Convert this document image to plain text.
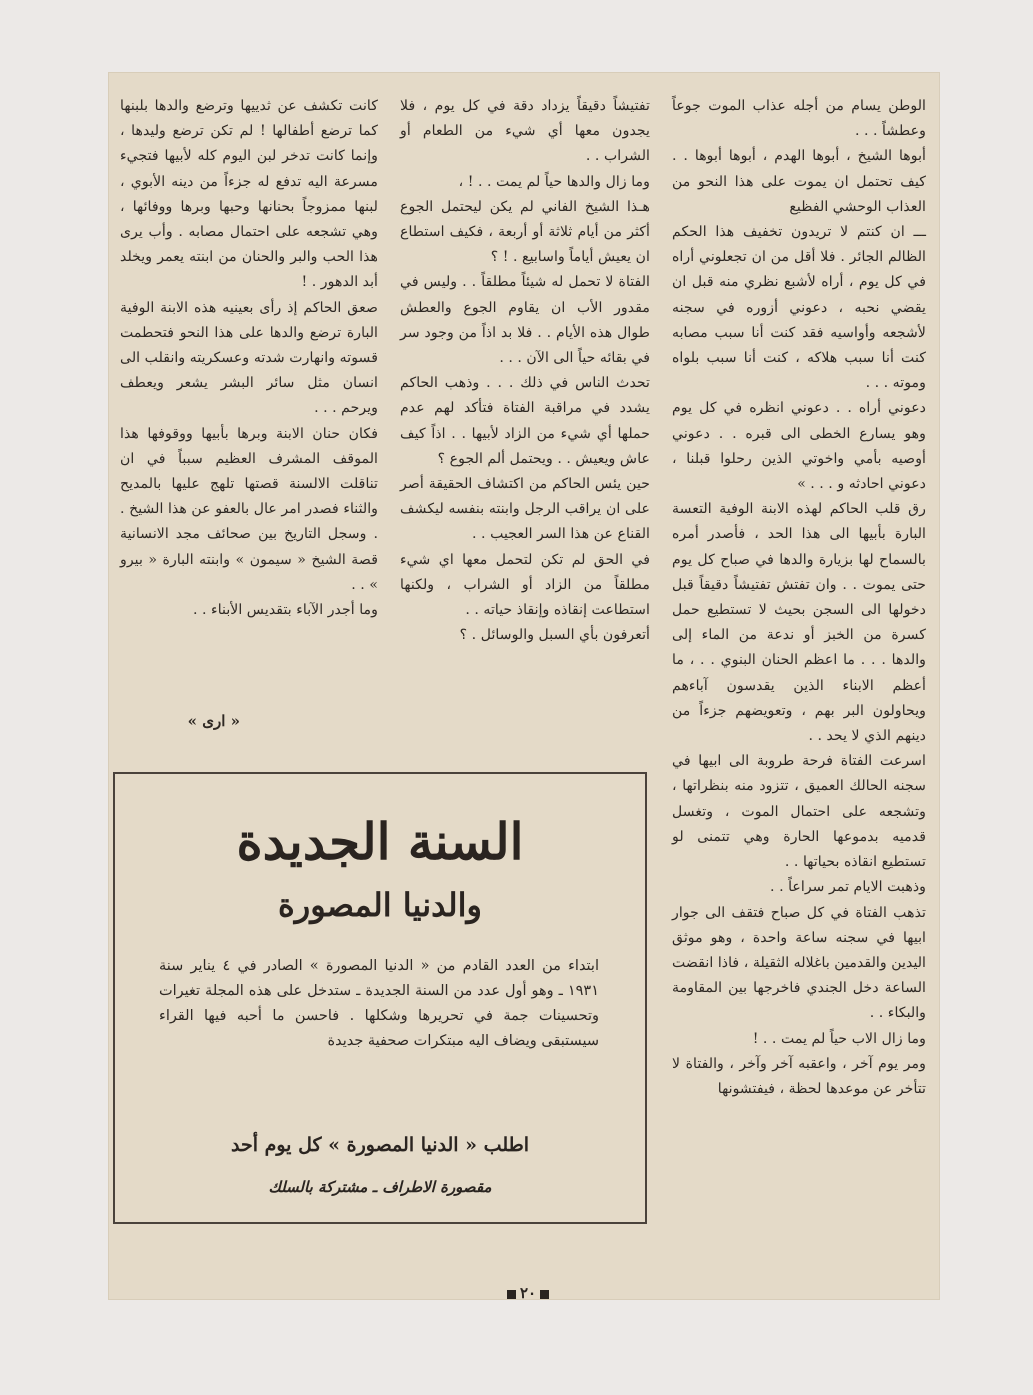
الوطن يسام من أجله عذاب الموت جوعاً وعطشاً . . .

أبوها الشيخ ، أبوها الهدم ، أبوها أبوها . . كيف تحتمل ان يموت على هذا النحو من العذاب الوحشي الفظيع

ـــ ان كنتم لا تريدون تخفيف هذا الحكم الظالم الجائر . فلا أقل من ان تجعلوني أراه في كل يوم ، أراه لأشبع نظري منه قبل ان يقضي نحبه ، دعوني أزوره في سجنه لأشجعه وأواسيه فقد كنت أنا سبب مصابه كنت أنا سبب هلاكه ، كنت أنا سبب بلواه وموته . . .

دعوني أراه . . دعوني انظره في كل يوم وهو يسارع الخطى الى قبره . . دعوني أوصيه بأمي واخوتي الذين رحلوا قبلنا ، دعوني احادثه و . . . »

رق قلب الحاكم لهذه الابنة الوفية التعسة البارة بأبيها الى هذا الحد ، فأصدر أمره بالسماح لها بزيارة والدها في صباح كل يوم حتى يموت . . وان تفتش تفتيشاً دقيقاً قبل دخولها الى السجن بحيث لا تستطيع حمل كسرة من الخبز أو ندعة من الماء إلى والدها . . . ما اعظم الحنان البنوي . . ، ما أعظم الابناء الذين يقدسون آباءهم ويحاولون البر بهم ، وتعويضهم جزءاً من دينهم الذي لا يحد . .

اسرعت الفتاة فرحة طروبة الى ابيها في سجنه الحالك العميق ، تتزود منه بنظراتها ، وتشجعه على احتمال الموت ، وتغسل قدميه بدموعها الحارة وهي تتمنى لو تستطيع انقاذه بحياتها . .

وذهبت الايام تمر سراعاً . .

تذهب الفتاة في كل صباح فتقف الى جوار ابيها في سجنه ساعة واحدة ، وهو موثق اليدين والقدمين باغلاله الثقيلة ، فاذا انقضت الساعة دخل الجندي فاخرجها بين المقاومة والبكاء . .

وما زال الاب حياً لم يمت . . !

ومر يوم آخر ، واعقبه آخر وآخر ، والفتاة لا تتأخر عن موعدها لحظة ، فيفتشونها

تفتيشاً دقيقاً يزداد دقة في كل يوم ، فلا يجدون معها أي شيء من الطعام أو الشراب . .

وما زال والدها حياً لم يمت . . ! ،

هـذا الشيخ الفاني لم يكن ليحتمل الجوع أكثر من أيام ثلاثة أو أربعة ، فكيف استطاع ان يعيش أياماً واسابيع . ! ؟

الفتاة لا تحمل له شيئاً مطلقاً . . وليس في مقدور الأب ان يقاوم الجوع والعطش طوال هذه الأيام . . فلا بد اذاً من وجود سر في بقائه حياً الى الآن . . .

تحدث الناس في ذلك . . . وذهب الحاكم يشدد في مراقبة الفتاة فتأكد لهم عدم حملها أي شيء من الزاد لأبيها . . اذاً كيف عاش ويعيش . . ويحتمل ألم الجوع ؟

حين يئس الحاكم من اكتشاف الحقيقة أصر على ان يراقب الرجل وابنته بنفسه ليكشف القناع عن هذا السر العجيب . .

في الحق لم تكن لتحمل معها اي شيء مطلقاً من الزاد أو الشراب ، ولكنها استطاعت إنقاذه وإنقاذ حياته . .

أتعرفون بأي السبل والوسائل . ؟

كانت تكشف عن ثدييها وترضع والدها بلبنها كما ترضع أطفالها ! لم تكن ترضع وليدها ، وإنما كانت تدخر لبن اليوم كله لأبيها فتجيء مسرعة اليه تدفع له جزءاً من دينه الأبوي ، لبنها ممزوجاً بحنانها وحبها وبرها ووفائها ، وهي تشجعه على احتمال مصابه . وأب يرى هذا الحب والبر والحنان من ابنته يعمر ويخلد أبد الدهور . !

صعق الحاكم إذ رأى بعينيه هذه الابنة الوفية البارة ترضع والدها على هذا النحو فتحطمت قسوته وانهارت شدته وعسكريته وانقلب الى انسان مثل سائر البشر يشعر ويعطف ويرحم . . .

فكان حنان الابنة وبرها بأبيها ووقوفها هذا الموقف المشرف العظيم سبباً في ان تناقلت الالسنة قصتها تلهج عليها بالمديح والثناء فصدر امر عال بالعفو عن هذا الشيخ . . وسجل التاريخ بين صحائف مجد الانسانية قصة الشيخ « سيمون » وابنته البارة « بيرو » . .

وما أجدر الآباء بتقديس الأبناء . .

« ارى »
السنة الجديدة
والدنيا المصورة
ابتداء من العدد القادم من « الدنيا المصورة » الصادر في ٤ يناير سنة ١٩٣١ ـ وهو أول عدد من السنة الجديدة ـ ستدخل على هذه المجلة تغيرات وتحسينات جمة في تحريرها وشكلها . فاحسن ما أحبه فيها القراء سيستبقى ويضاف اليه مبتكرات صحفية جديدة
اطلب « الدنيا المصورة » كل يوم أحد
مقصورة الاطراف ـ مشتركة بالسلك
٢٠
